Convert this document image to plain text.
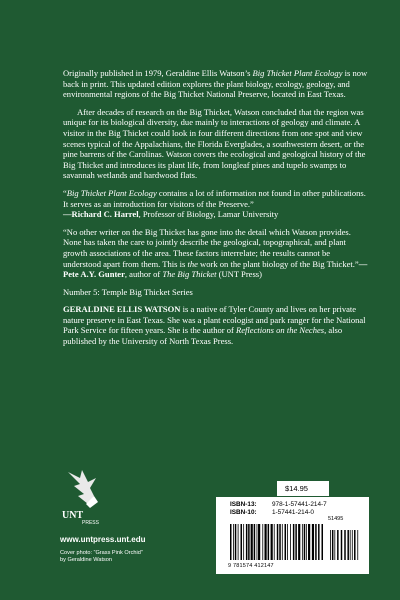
Originally published in 1979, Geraldine Ellis Watson’s Big Thicket Plant Ecology is now back in print. This updated edition explores the plant biology, ecology, geology, and environmental regions of the Big Thicket National Preserve, located in East Texas.

After decades of research on the Big Thicket, Watson concluded that the region was unique for its biological diversity, due mainly to interactions of geology and climate. A visitor in the Big Thicket could look in four different directions from one spot and view scenes typical of the Appalachians, the Florida Everglades, a southwestern desert, or the pine barrens of the Carolinas. Watson covers the ecological and geological history of the Big Thicket and introduces its plant life, from longleaf pines and tupelo swamps to savannah wetlands and hardwood flats.

“Big Thicket Plant Ecology contains a lot of information not found in other publications. It serves as an introduction for visitors of the Preserve.”
—Richard C. Harrel, Professor of Biology, Lamar University

“No other writer on the Big Thicket has gone into the detail which Watson provides. None has taken the care to jointly describe the geological, topographical, and plant growth associations of the area. These factors interrelate; the results cannot be understood apart from them. This is the work on the plant biology of the Big Thicket.”—Pete A.Y. Gunter, author of The Big Thicket (UNT Press)

Number 5: Temple Big Thicket Series

GERALDINE ELLIS WATSON is a native of Tyler County and lives on her private nature preserve in East Texas. She was a plant ecologist and park ranger for the National Park Service for fifteen years. She is the author of Reflections on the Neches, also published by the University of North Texas Press.

UNT
PRESS
www.untpress.unt.edu
Cover photo: “Grass Pink Orchid”
by Geraldine Watson
$14.95
ISBN-13: 978-1-57441-214-7
ISBN-10: 1-57441-214-0
51495
9 781574 412147
